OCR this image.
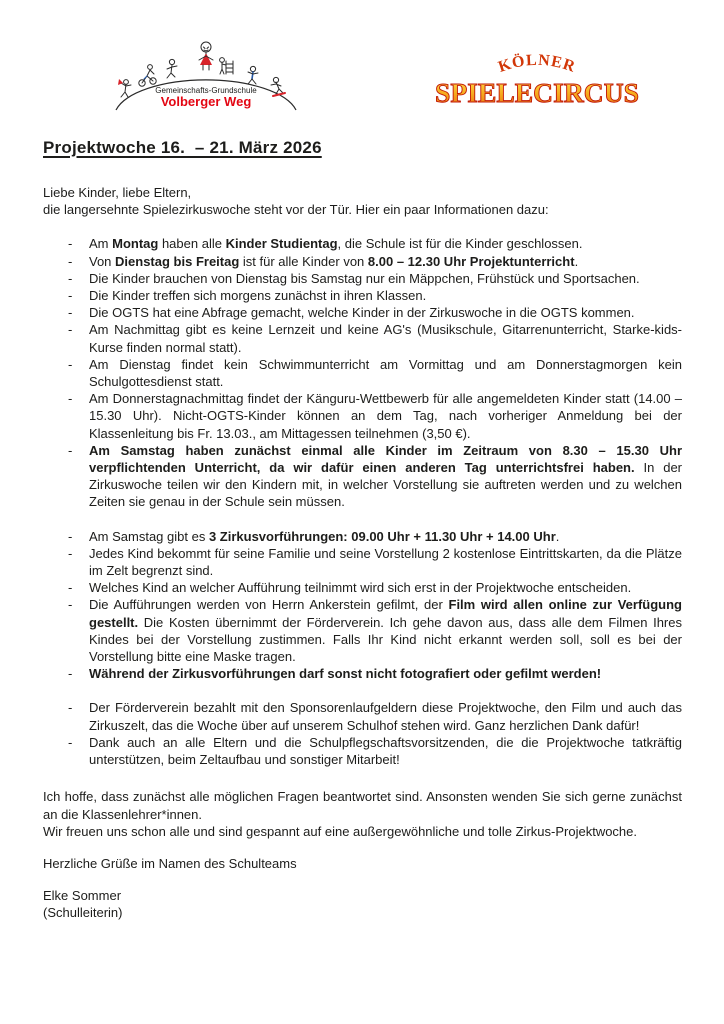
Gemeinschafts-Grundschule
Volberger Weg
KÖLNER
SPIELECIRCUS
Projektwoche 16.  – 21. März 2026
Liebe Kinder, liebe Eltern,
die langersehnte Spielezirkuswoche steht vor der Tür. Hier ein paar Informationen dazu:
- Am Montag haben alle Kinder Studientag, die Schule ist für die Kinder geschlossen.
- Von Dienstag bis Freitag ist für alle Kinder von 8.00 – 12.30 Uhr Projektunterricht.
- Die Kinder brauchen von Dienstag bis Samstag nur ein Mäppchen, Frühstück und Sportsachen.
- Die Kinder treffen sich morgens zunächst in ihren Klassen.
- Die OGTS hat eine Abfrage gemacht, welche Kinder in der Zirkuswoche in die OGTS kommen.
- Am Nachmittag gibt es keine Lernzeit und keine AG's (Musikschule, Gitarrenunterricht, Starke-kids-Kurse finden normal statt).
- Am Dienstag findet kein Schwimmunterricht am Vormittag und am Donnerstagmorgen kein Schulgottesdienst statt.
- Am Donnerstagnachmittag findet der Känguru-Wettbewerb für alle angemeldeten Kinder statt (14.00 – 15.30 Uhr). Nicht-OGTS-Kinder können an dem Tag, nach vorheriger Anmeldung bei der Klassenleitung bis Fr. 13.03., am Mittagessen teilnehmen (3,50 €).
- Am Samstag haben zunächst einmal alle Kinder im Zeitraum von 8.30 – 15.30 Uhr verpflichtenden Unterricht, da wir dafür einen anderen Tag unterrichtsfrei haben. In der Zirkuswoche teilen wir den Kindern mit, in welcher Vorstellung sie auftreten werden und zu welchen Zeiten sie genau in der Schule sein müssen.
- Am Samstag gibt es 3 Zirkusvorführungen: 09.00 Uhr + 11.30 Uhr + 14.00 Uhr.
- Jedes Kind bekommt für seine Familie und seine Vorstellung 2 kostenlose Eintrittskarten, da die Plätze im Zelt begrenzt sind.
- Welches Kind an welcher Aufführung teilnimmt wird sich erst in der Projektwoche entscheiden.
- Die Aufführungen werden von Herrn Ankerstein gefilmt, der Film wird allen online zur Verfügung gestellt. Die Kosten übernimmt der Förderverein. Ich gehe davon aus, dass alle dem Filmen Ihres Kindes bei der Vorstellung zustimmen. Falls Ihr Kind nicht erkannt werden soll, soll es bei der Vorstellung bitte eine Maske tragen.
- Während der Zirkusvorführungen darf sonst nicht fotografiert oder gefilmt werden!
- Der Förderverein bezahlt mit den Sponsorenlaufgeldern diese Projektwoche, den Film und auch das Zirkuszelt, das die Woche über auf unserem Schulhof stehen wird. Ganz herzlichen Dank dafür!
- Dank auch an alle Eltern und die Schulpflegschaftsvorsitzenden, die die Projektwoche tatkräftig unterstützen, beim Zeltaufbau und sonstiger Mitarbeit!

Ich hoffe, dass zunächst alle möglichen Fragen beantwortet sind. Ansonsten wenden Sie sich gerne zunächst an die Klassenlehrer*innen.

Wir freuen uns schon alle und sind gespannt auf eine außergewöhnliche und tolle Zirkus-Projektwoche.

Herzliche Grüße im Namen des Schulteams
Elke Sommer
(Schulleiterin)
